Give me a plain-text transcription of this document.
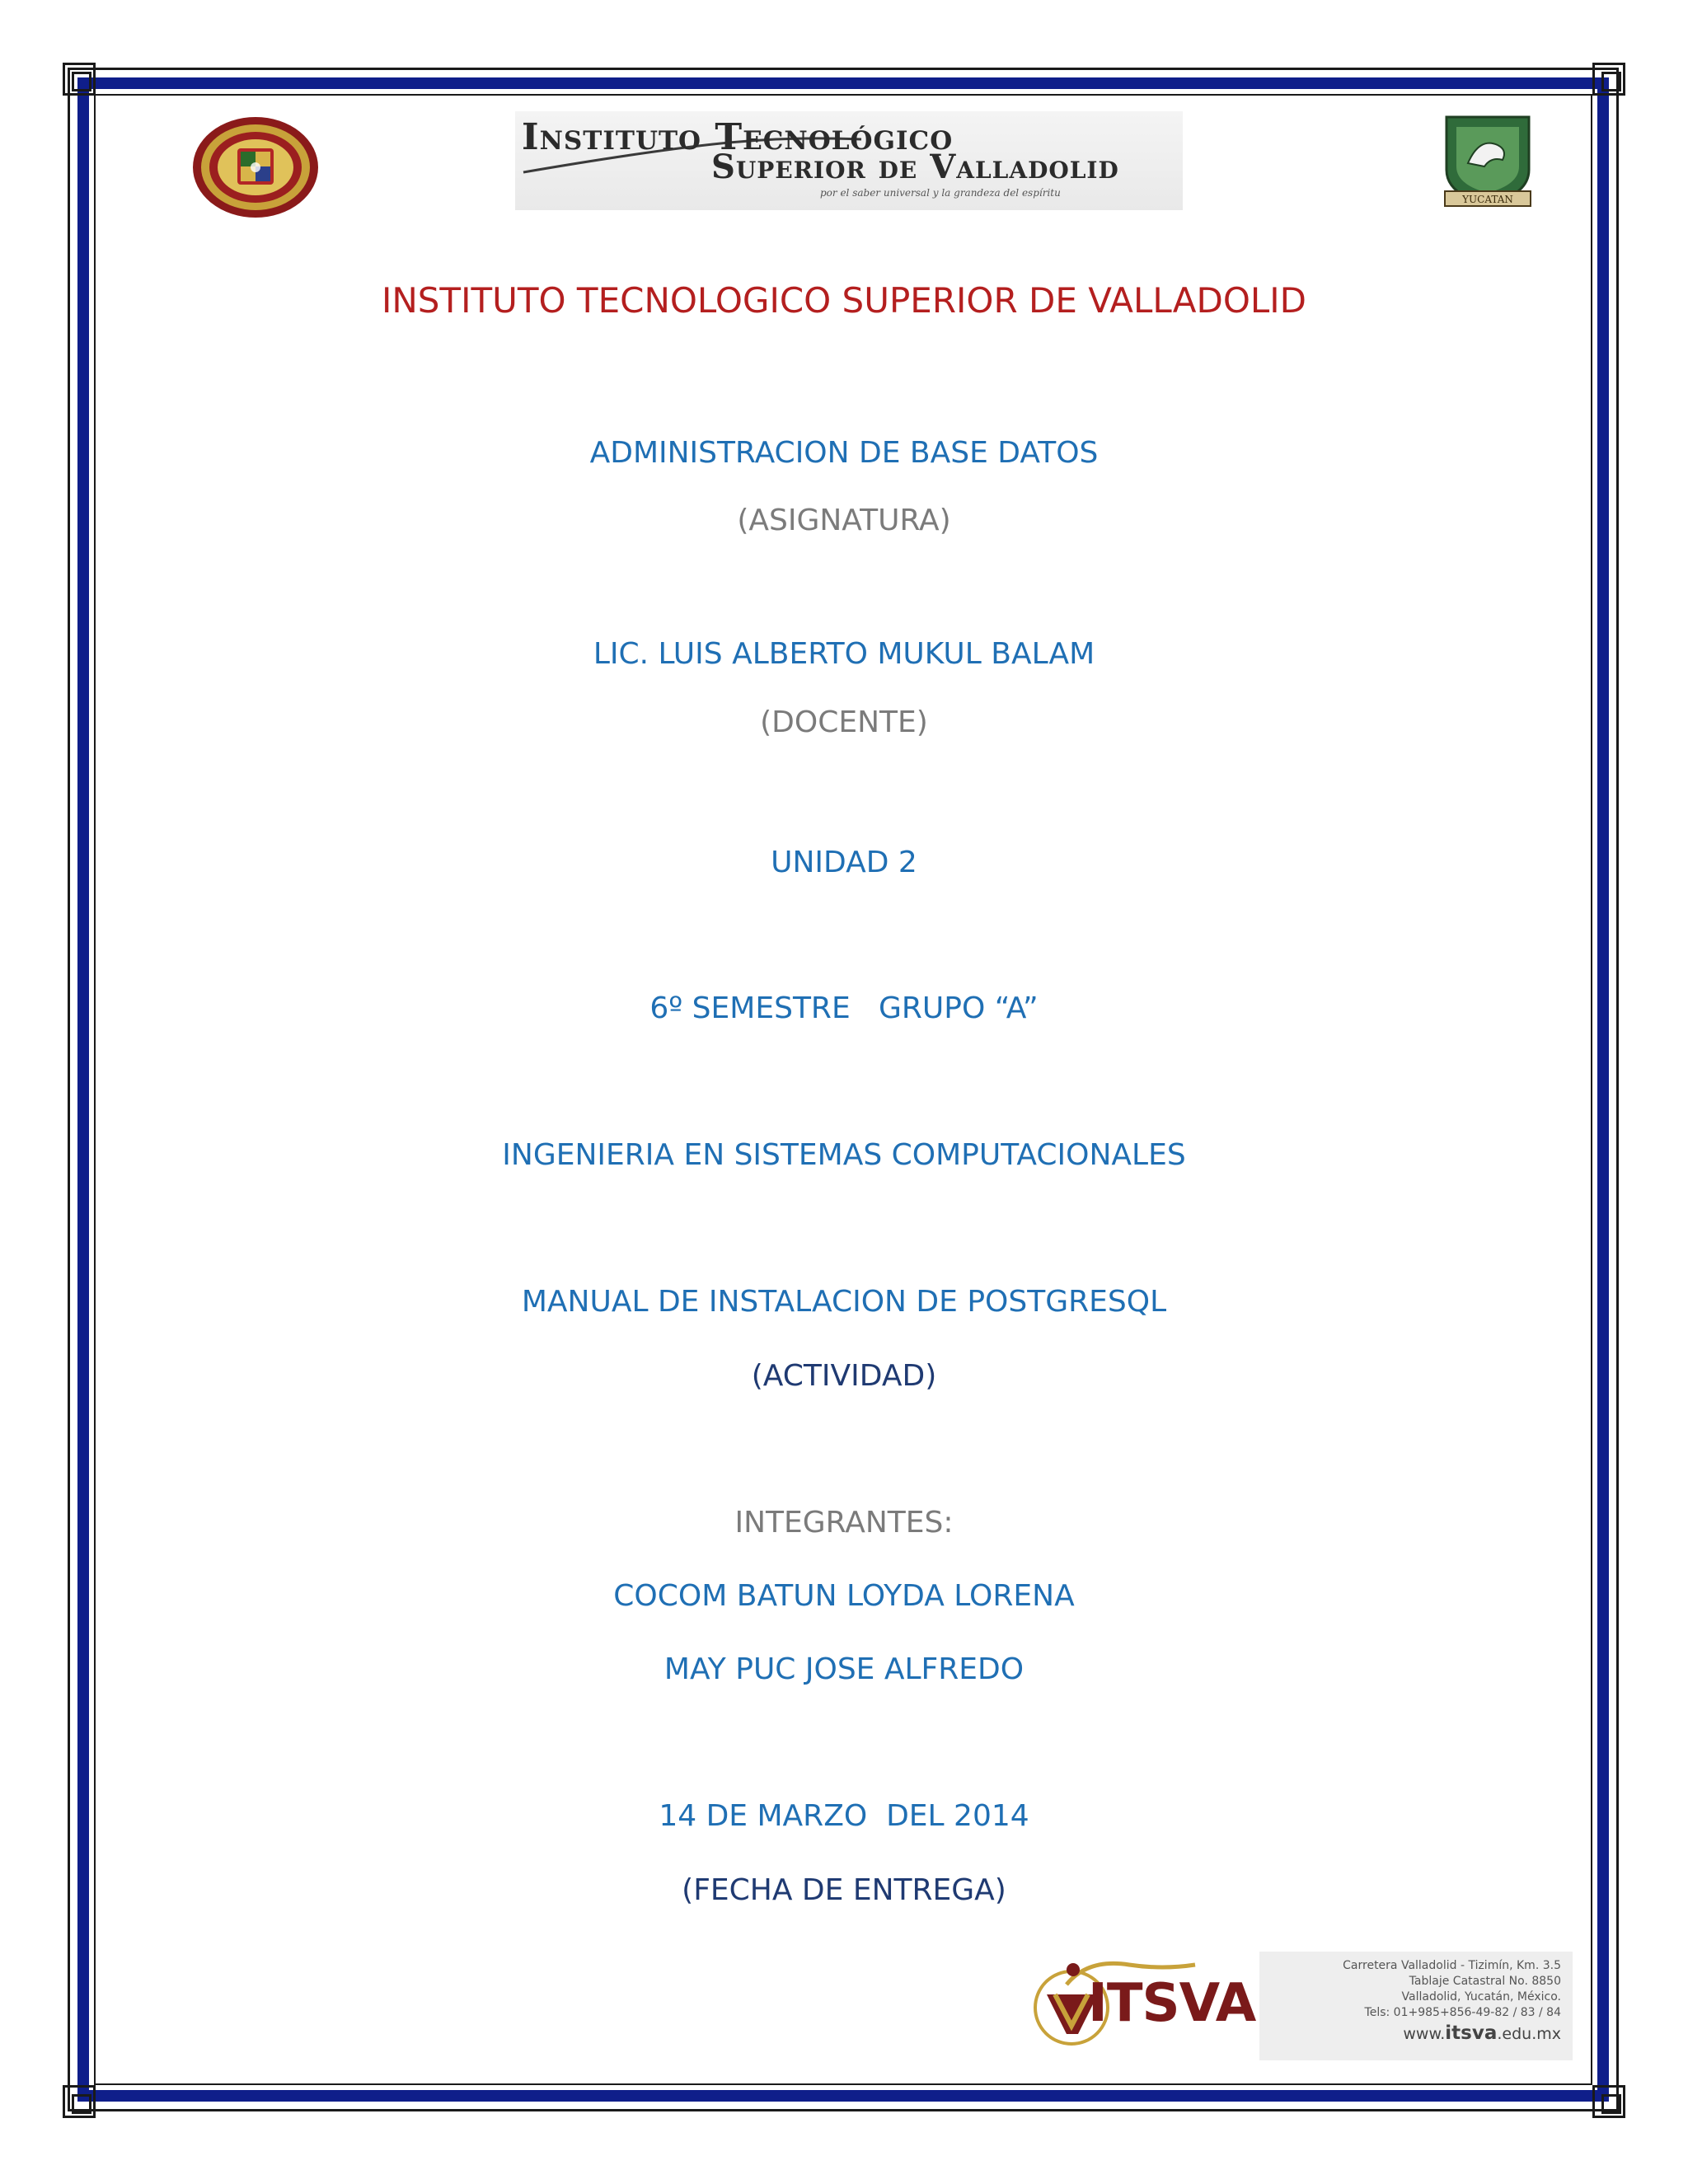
Instituto Tecnológico
Superior de Valladolid
por el saber universal y la grandeza del espíritu
YUCATAN
INSTITUTO TECNOLOGICO SUPERIOR DE VALLADOLID
ADMINISTRACION DE BASE DATOS
(ASIGNATURA)
LIC. LUIS ALBERTO MUKUL BALAM
(DOCENTE)
UNIDAD 2
6º SEMESTRE   GRUPO “A”
INGENIERIA EN SISTEMAS COMPUTACIONALES
MANUAL DE INSTALACION DE POSTGRESQL
(ACTIVIDAD)
INTEGRANTES:
COCOM BATUN LOYDA LORENA
MAY PUC JOSE ALFREDO
14 DE MARZO  DEL 2014
(FECHA DE ENTREGA)
ITSVA
Carretera Valladolid - Tizimín, Km. 3.5
Tablaje Catastral No. 8850
Valladolid, Yucatán, México.
Tels: 01+985+856-49-82 / 83 / 84
www.itsva.edu.mx
